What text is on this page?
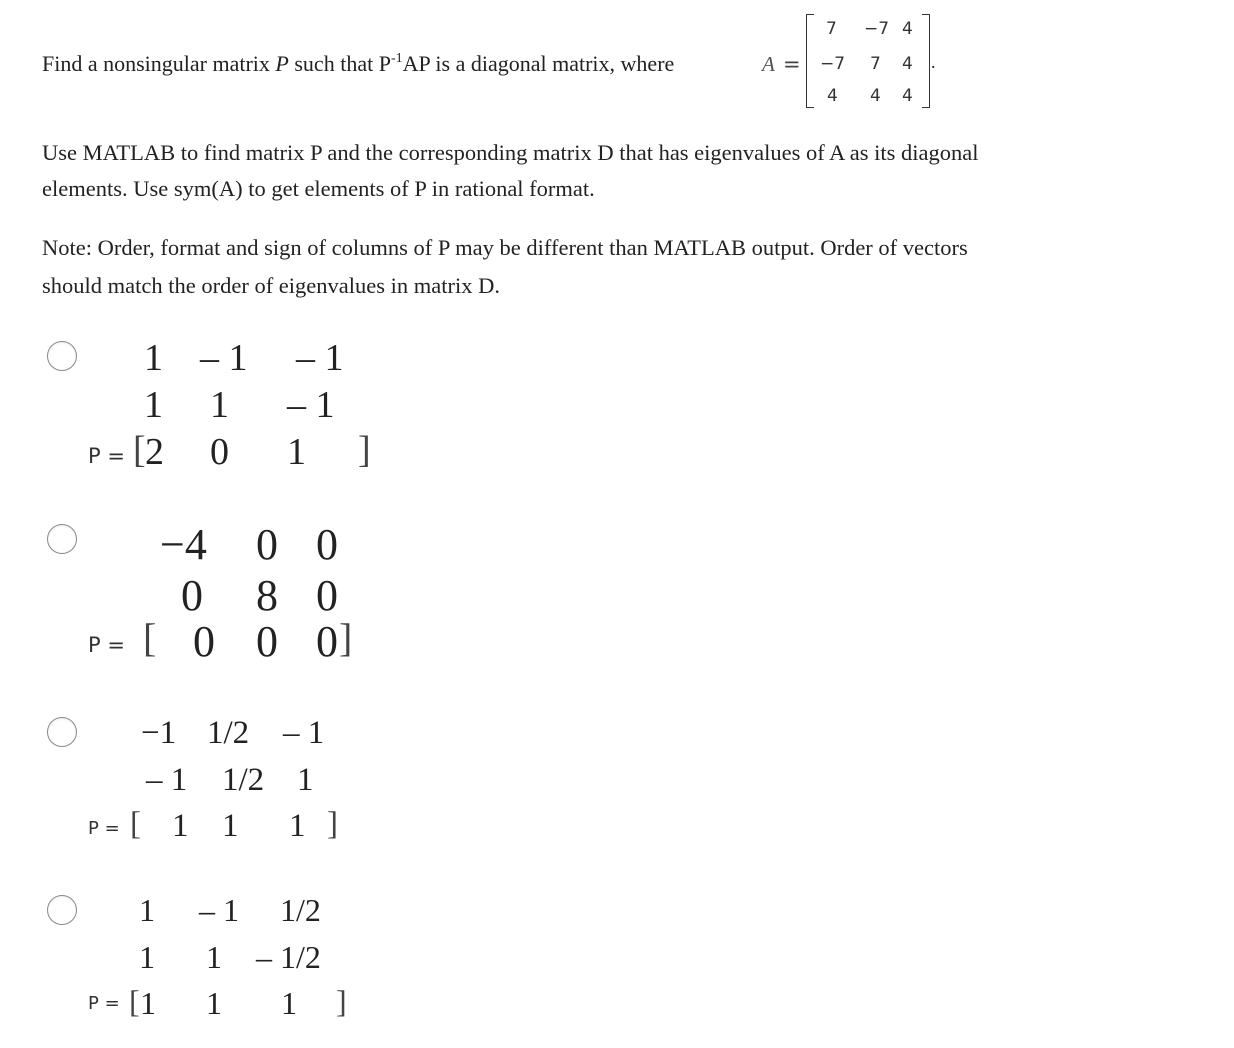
Find a nonsingular matrix P such that $P^{-1}AP$ is a diagonal matrix, where	A =
7 −7 4
−7 7 4
4 4 4
.
Use MATLAB to find matrix P and the corresponding matrix D that has eigenvalues of A as its diagonal
elements. Use sym(A) to get elements of P in rational format.
Note: Order, format and sign of columns of P may be different than MATLAB output. Order of vectors
should match the order of eigenvalues in matrix D.
1 – 1 – 1
1 1 – 1
P = [ 2 0 1 ]
−4 0 0
0 8 0
P = [ 0 0 0 ]
−1 1/2 – 1
– 1 1/2 1
P = [ 1 1 1 ]
1 – 1 1/2
1 1 – 1/2
P = [ 1 1 1 ]
